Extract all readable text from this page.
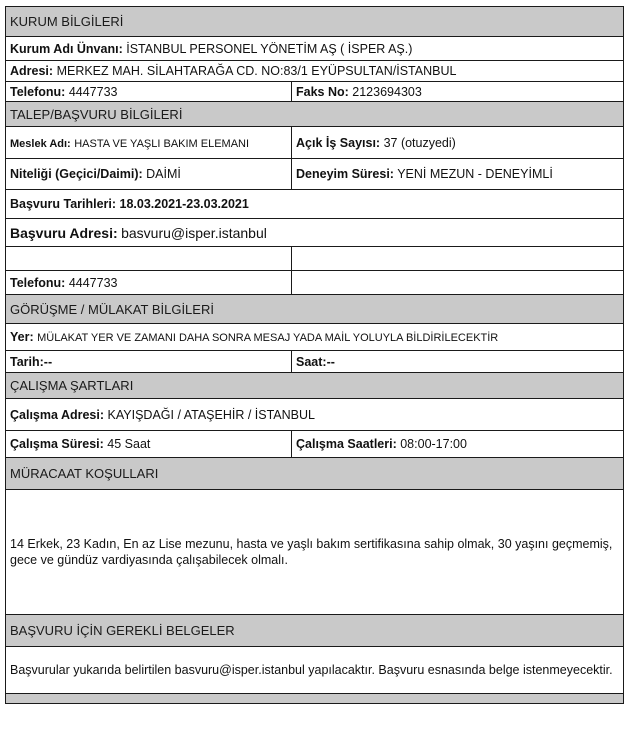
KURUM BİLGİLERİ	
Kurum Adı Ünvanı: İSTANBUL PERSONEL YÖNETİM AŞ ( İSPER AŞ.)	
Adresi: MERKEZ MAH. SİLAHTARAĞA CD. NO:83/1 EYÜPSULTAN/İSTANBUL	
Telefonu: 4447733	Faks No: 2123694303
TALEP/BAŞVURU BİLGİLERİ	
Meslek Adı: HASTA VE YAŞLI BAKIM ELEMANI	Açık İş Sayısı: 37 (otuzyedi)
Niteliği (Geçici/Daimi): DAİMİ	Deneyim Süresi: YENİ MEZUN - DENEYİMLİ
Başvuru Tarihleri: 18.03.2021-23.03.2021	
Başvuru Adresi: basvuru@isper.istanbul	

Telefonu: 4447733	
GÖRÜŞME / MÜLAKAT BİLGİLERİ	
Yer: MÜLAKAT YER VE ZAMANI DAHA SONRA MESAJ YADA MAİL YOLUYLA BİLDİRİLECEKTİR	
Tarih:--	Saat:--
ÇALIŞMA ŞARTLARI	
Çalışma Adresi: KAYIŞDAĞI / ATAŞEHİR / İSTANBUL	
Çalışma Süresi: 45 Saat	Çalışma Saatleri: 08:00-17:00
MÜRACAAT KOŞULLARI	
14 Erkek, 23 Kadın, En az Lise mezunu, hasta ve yaşlı bakım sertifikasına sahip olmak, 30 yaşını geçmemiş, gece ve gündüz vardiyasında çalışabilecek olmalı.	
BAŞVURU İÇİN GEREKLİ BELGELER	
Başvurular yukarıda belirtilen basvuru@isper.istanbul yapılacaktır. Başvuru esnasında belge istenmeyecektir.	
